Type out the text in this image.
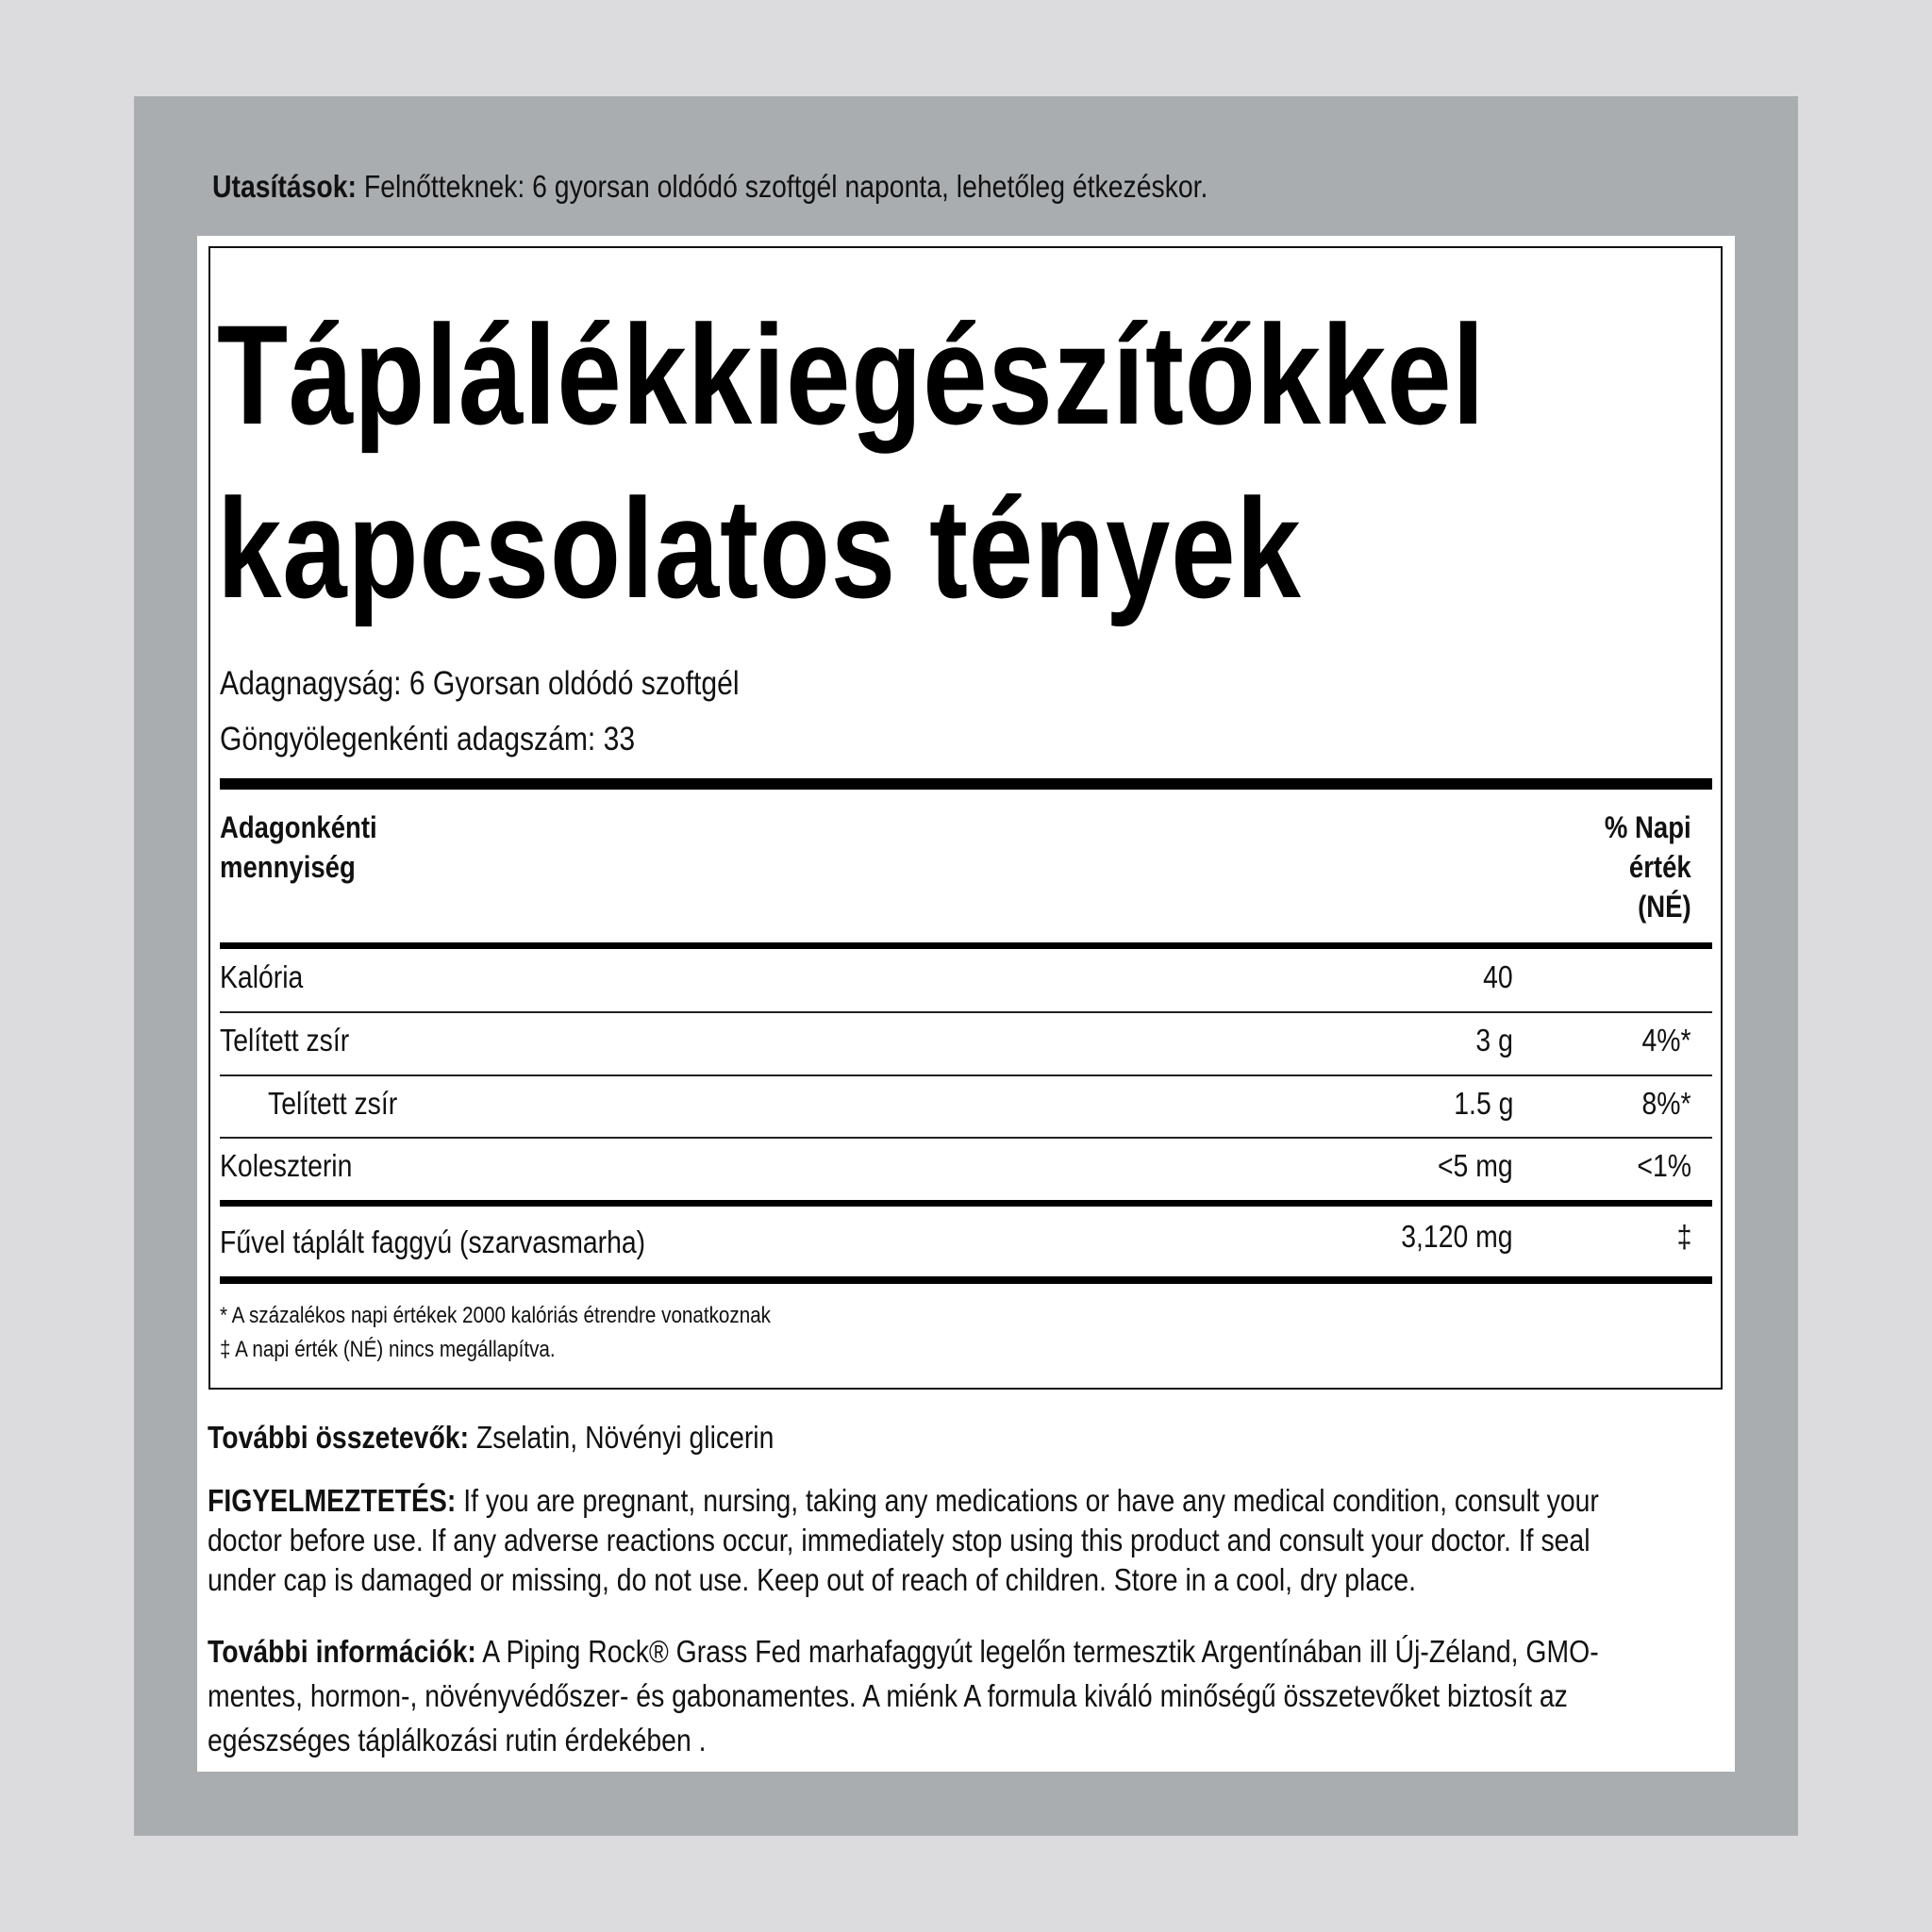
Utasítások: Felnőtteknek: 6 gyorsan oldódó szoftgél naponta, lehetőleg étkezéskor.
Táplálékkiegészítőkkel
kapcsolatos tények
Adagnagyság: 6 Gyorsan oldódó szoftgél
Göngyölegenkénti adagszám: 33
Adagonkénti
mennyiség
% Napi
érték
(NÉ)
Kalória	40
Telített zsír	3 g	4%*
Telített zsír	1.5 g	8%*
Koleszterin	<5 mg	<1%
Fűvel táplált faggyú (szarvasmarha)	3,120 mg	‡
* A százalékos napi értékek 2000 kalóriás étrendre vonatkoznak
‡ A napi érték (NÉ) nincs megállapítva.
További összetevők: Zselatin, Növényi glicerin
FIGYELMEZTETÉS: If you are pregnant, nursing, taking any medications or have any medical condition, consult your doctor before use. If any adverse reactions occur, immediately stop using this product and consult your doctor. If seal under cap is damaged or missing, do not use. Keep out of reach of children. Store in a cool, dry place.
További információk: A Piping Rock® Grass Fed marhafaggyút legelőn termesztik Argentínában ill Új-Zéland, GMO-mentes, hormon-, növényvédőszer- és gabonamentes. A miénk A formula kiváló minőségű összetevőket biztosít az egészséges táplálkozási rutin érdekében .
